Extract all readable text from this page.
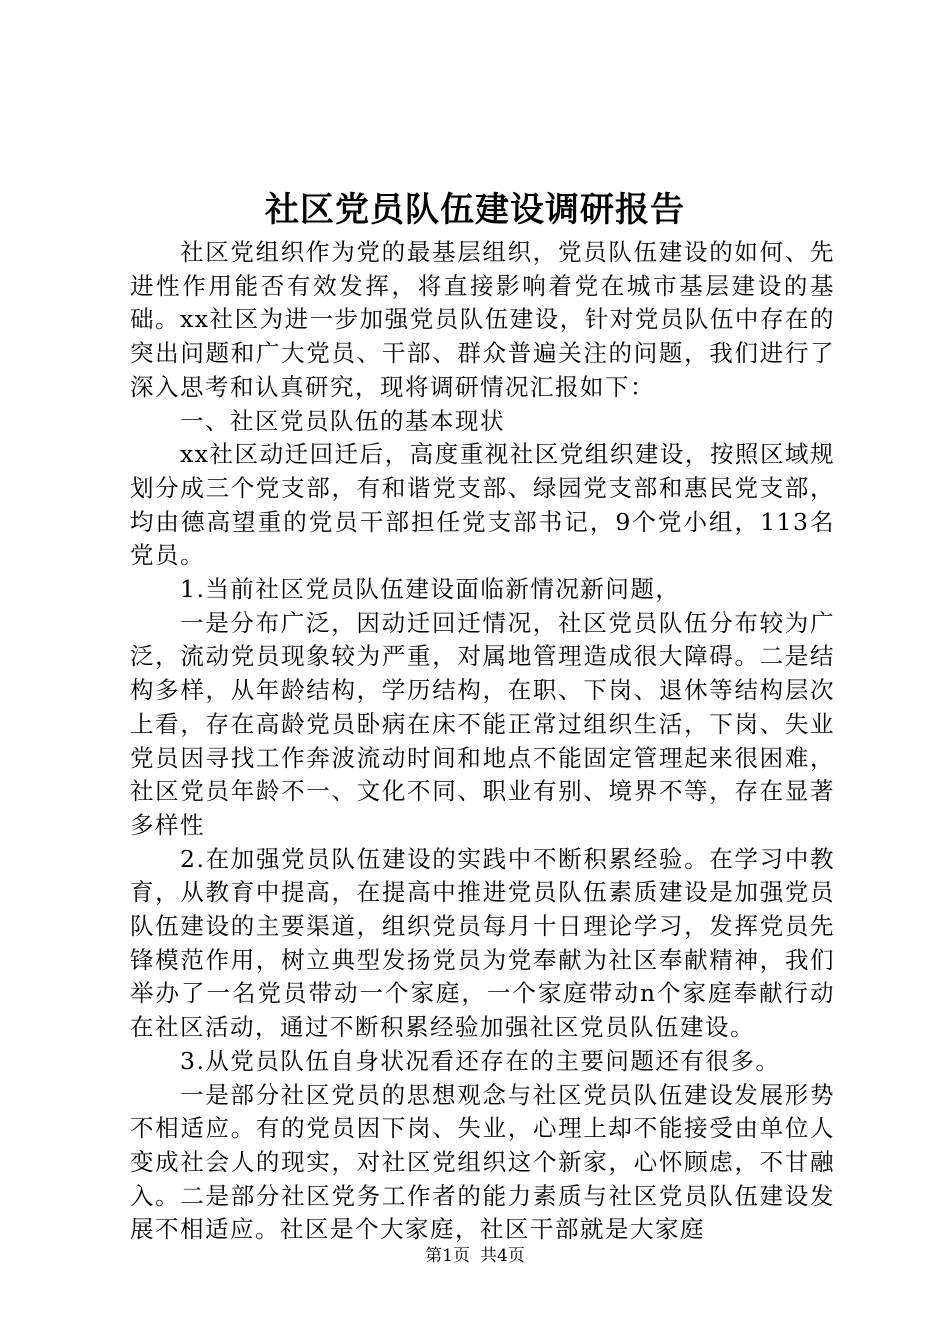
社区党员队伍建设调研报告

社区党组织作为党的最基层组织，党员队伍建设的如何、先进性作用能否有效发挥，将直接影响着党在城市基层建设的基础。xx社区为进一步加强党员队伍建设，针对党员队伍中存在的突出问题和广大党员、干部、群众普遍关注的问题，我们进行了深入思考和认真研究，现将调研情况汇报如下：

一、社区党员队伍的基本现状

xx社区动迁回迁后，高度重视社区党组织建设，按照区域规划分成三个党支部，有和谐党支部、绿园党支部和惠民党支部，均由德高望重的党员干部担任党支部书记，9个党小组，113名党员。

1.当前社区党员队伍建设面临新情况新问题，

一是分布广泛，因动迁回迁情况，社区党员队伍分布较为广泛，流动党员现象较为严重，对属地管理造成很大障碍。二是结构多样，从年龄结构，学历结构，在职、下岗、退休等结构层次上看，存在高龄党员卧病在床不能正常过组织生活，下岗、失业党员因寻找工作奔波流动时间和地点不能固定管理起来很困难，社区党员年龄不一、文化不同、职业有别、境界不等，存在显著多样性

2.在加强党员队伍建设的实践中不断积累经验。在学习中教育，从教育中提高，在提高中推进党员队伍素质建设是加强党员队伍建设的主要渠道，组织党员每月十日理论学习，发挥党员先锋模范作用，树立典型发扬党员为党奉献为社区奉献精神，我们举办了一名党员带动一个家庭，一个家庭带动n个家庭奉献行动在社区活动，通过不断积累经验加强社区党员队伍建设。

3.从党员队伍自身状况看还存在的主要问题还有很多。

一是部分社区党员的思想观念与社区党员队伍建设发展形势不相适应。有的党员因下岗、失业，心理上却不能接受由单位人变成社会人的现实，对社区党组织这个新家，心怀顾虑，不甘融入。二是部分社区党务工作者的能力素质与社区党员队伍建设发展不相适应。社区是个大家庭，社区干部就是大家庭

第1页 共4页
